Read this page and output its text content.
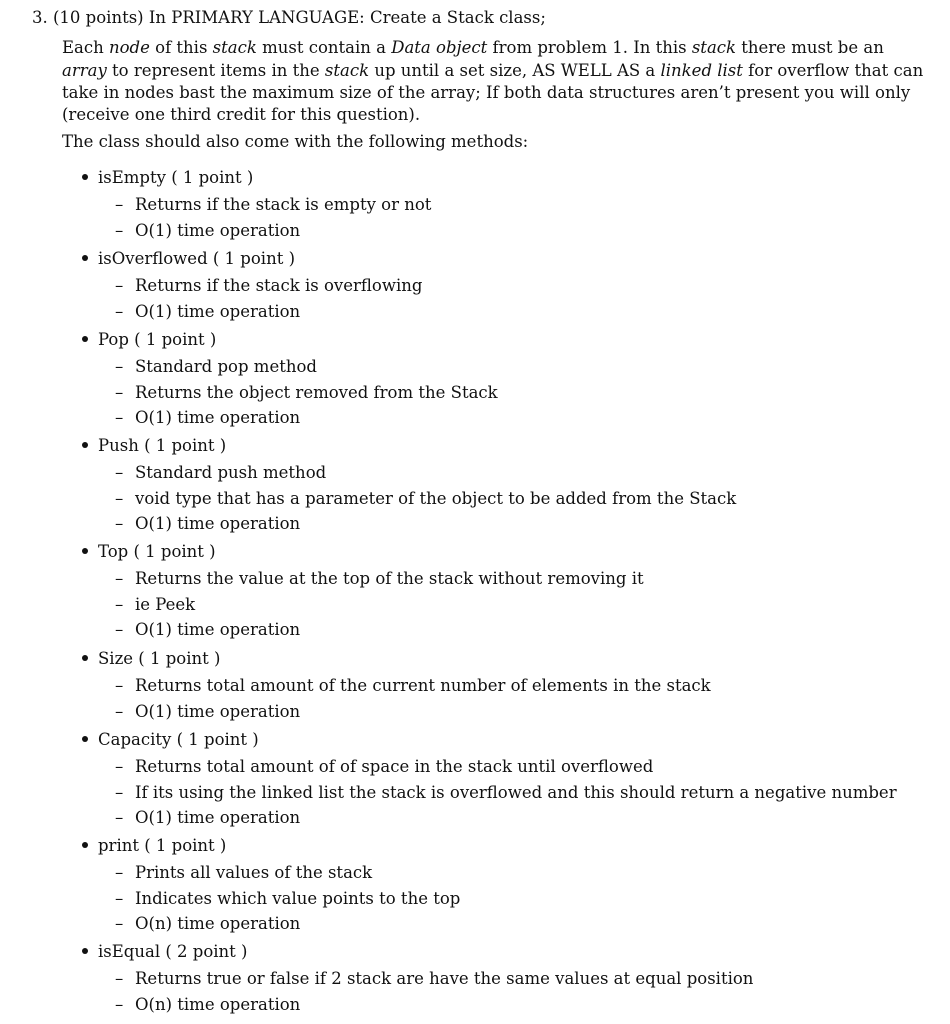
3. (10 points) In PRIMARY LANGUAGE: Create a Stack class;
Each node of this stack must contain a Data object from problem 1. In this stack there must be an
array to represent items in the stack up until a set size, AS WELL AS a linked list for overflow that can
take in nodes bast the maximum size of the array; If both data structures aren’t present you will only
(receive one third credit for this question).
The class should also come with the following methods:
isEmpty ( 1 point )
– Returns if the stack is empty or not
– O(1) time operation
isOverflowed ( 1 point )
– Returns if the stack is overflowing
– O(1) time operation
Pop ( 1 point )
– Standard pop method
– Returns the object removed from the Stack
– O(1) time operation
Push ( 1 point )
– Standard push method
– void type that has a parameter of the object to be added from the Stack
– O(1) time operation
Top ( 1 point )
– Returns the value at the top of the stack without removing it
– ie Peek
– O(1) time operation
Size ( 1 point )
– Returns total amount of the current number of elements in the stack
– O(1) time operation
Capacity ( 1 point )
– Returns total amount of of space in the stack until overflowed
– If its using the linked list the stack is overflowed and this should return a negative number
– O(1) time operation
print ( 1 point )
– Prints all values of the stack
– Indicates which value points to the top
– O(n) time operation
isEqual ( 2 point )
– Returns true or false if 2 stack are have the same values at equal position
– O(n) time operation
